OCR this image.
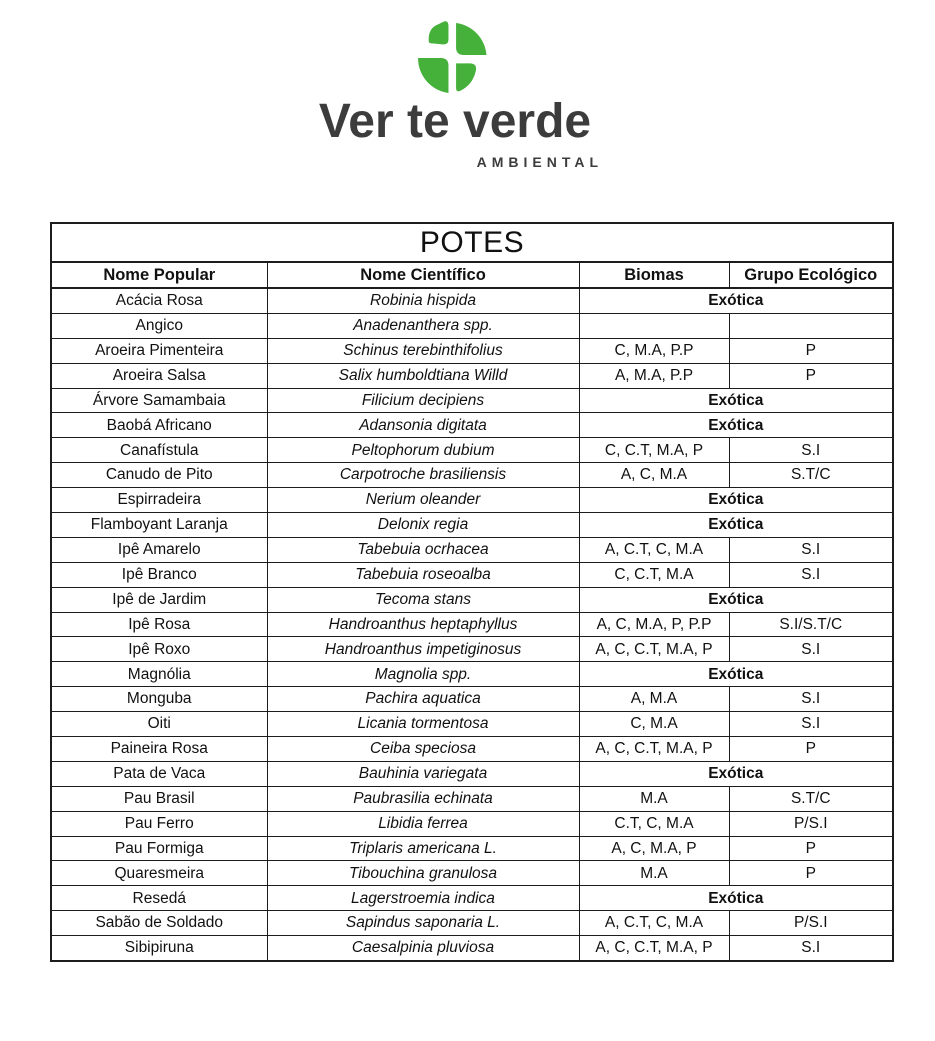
Ver te verde
AMBIENTAL
POTES			
Nome Popular	Nome Científico	Biomas	Grupo Ecológico
Acácia Rosa	Robinia hispida	Exótica	
Angico	Anadenanthera spp.		
Aroeira Pimenteira	Schinus terebinthifolius	C, M.A, P.P	P
Aroeira Salsa	Salix humboldtiana Willd	A, M.A, P.P	P
Árvore Samambaia	Filicium decipiens	Exótica	
Baobá Africano	Adansonia digitata	Exótica	
Canafístula	Peltophorum dubium	C, C.T, M.A, P	S.I
Canudo de Pito	Carpotroche brasiliensis	A, C, M.A	S.T/C
Espirradeira	Nerium oleander	Exótica	
Flamboyant Laranja	Delonix regia	Exótica	
Ipê Amarelo	Tabebuia ocrhacea	A, C.T, C, M.A	S.I
Ipê Branco	Tabebuia roseoalba	C, C.T, M.A	S.I
Ipê de Jardim	Tecoma stans	Exótica	
Ipê Rosa	Handroanthus heptaphyllus	A, C, M.A, P, P.P	S.I/S.T/C
Ipê Roxo	Handroanthus impetiginosus	A, C, C.T, M.A, P	S.I
Magnólia	Magnolia spp.	Exótica	
Monguba	Pachira aquatica	A, M.A	S.I
Oiti	Licania tormentosa	C, M.A	S.I
Paineira Rosa	Ceiba speciosa	A, C, C.T, M.A, P	P
Pata de Vaca	Bauhinia variegata	Exótica	
Pau Brasil	Paubrasilia echinata	M.A	S.T/C
Pau Ferro	Libidia ferrea	C.T, C, M.A	P/S.I
Pau Formiga	Triplaris americana L.	A, C, M.A, P	P
Quaresmeira	Tibouchina granulosa	M.A	P
Resedá	Lagerstroemia indica	Exótica	
Sabão de Soldado	Sapindus saponaria L.	A, C.T, C, M.A	P/S.I
Sibipiruna	Caesalpinia pluviosa	A, C, C.T, M.A, P	S.I
